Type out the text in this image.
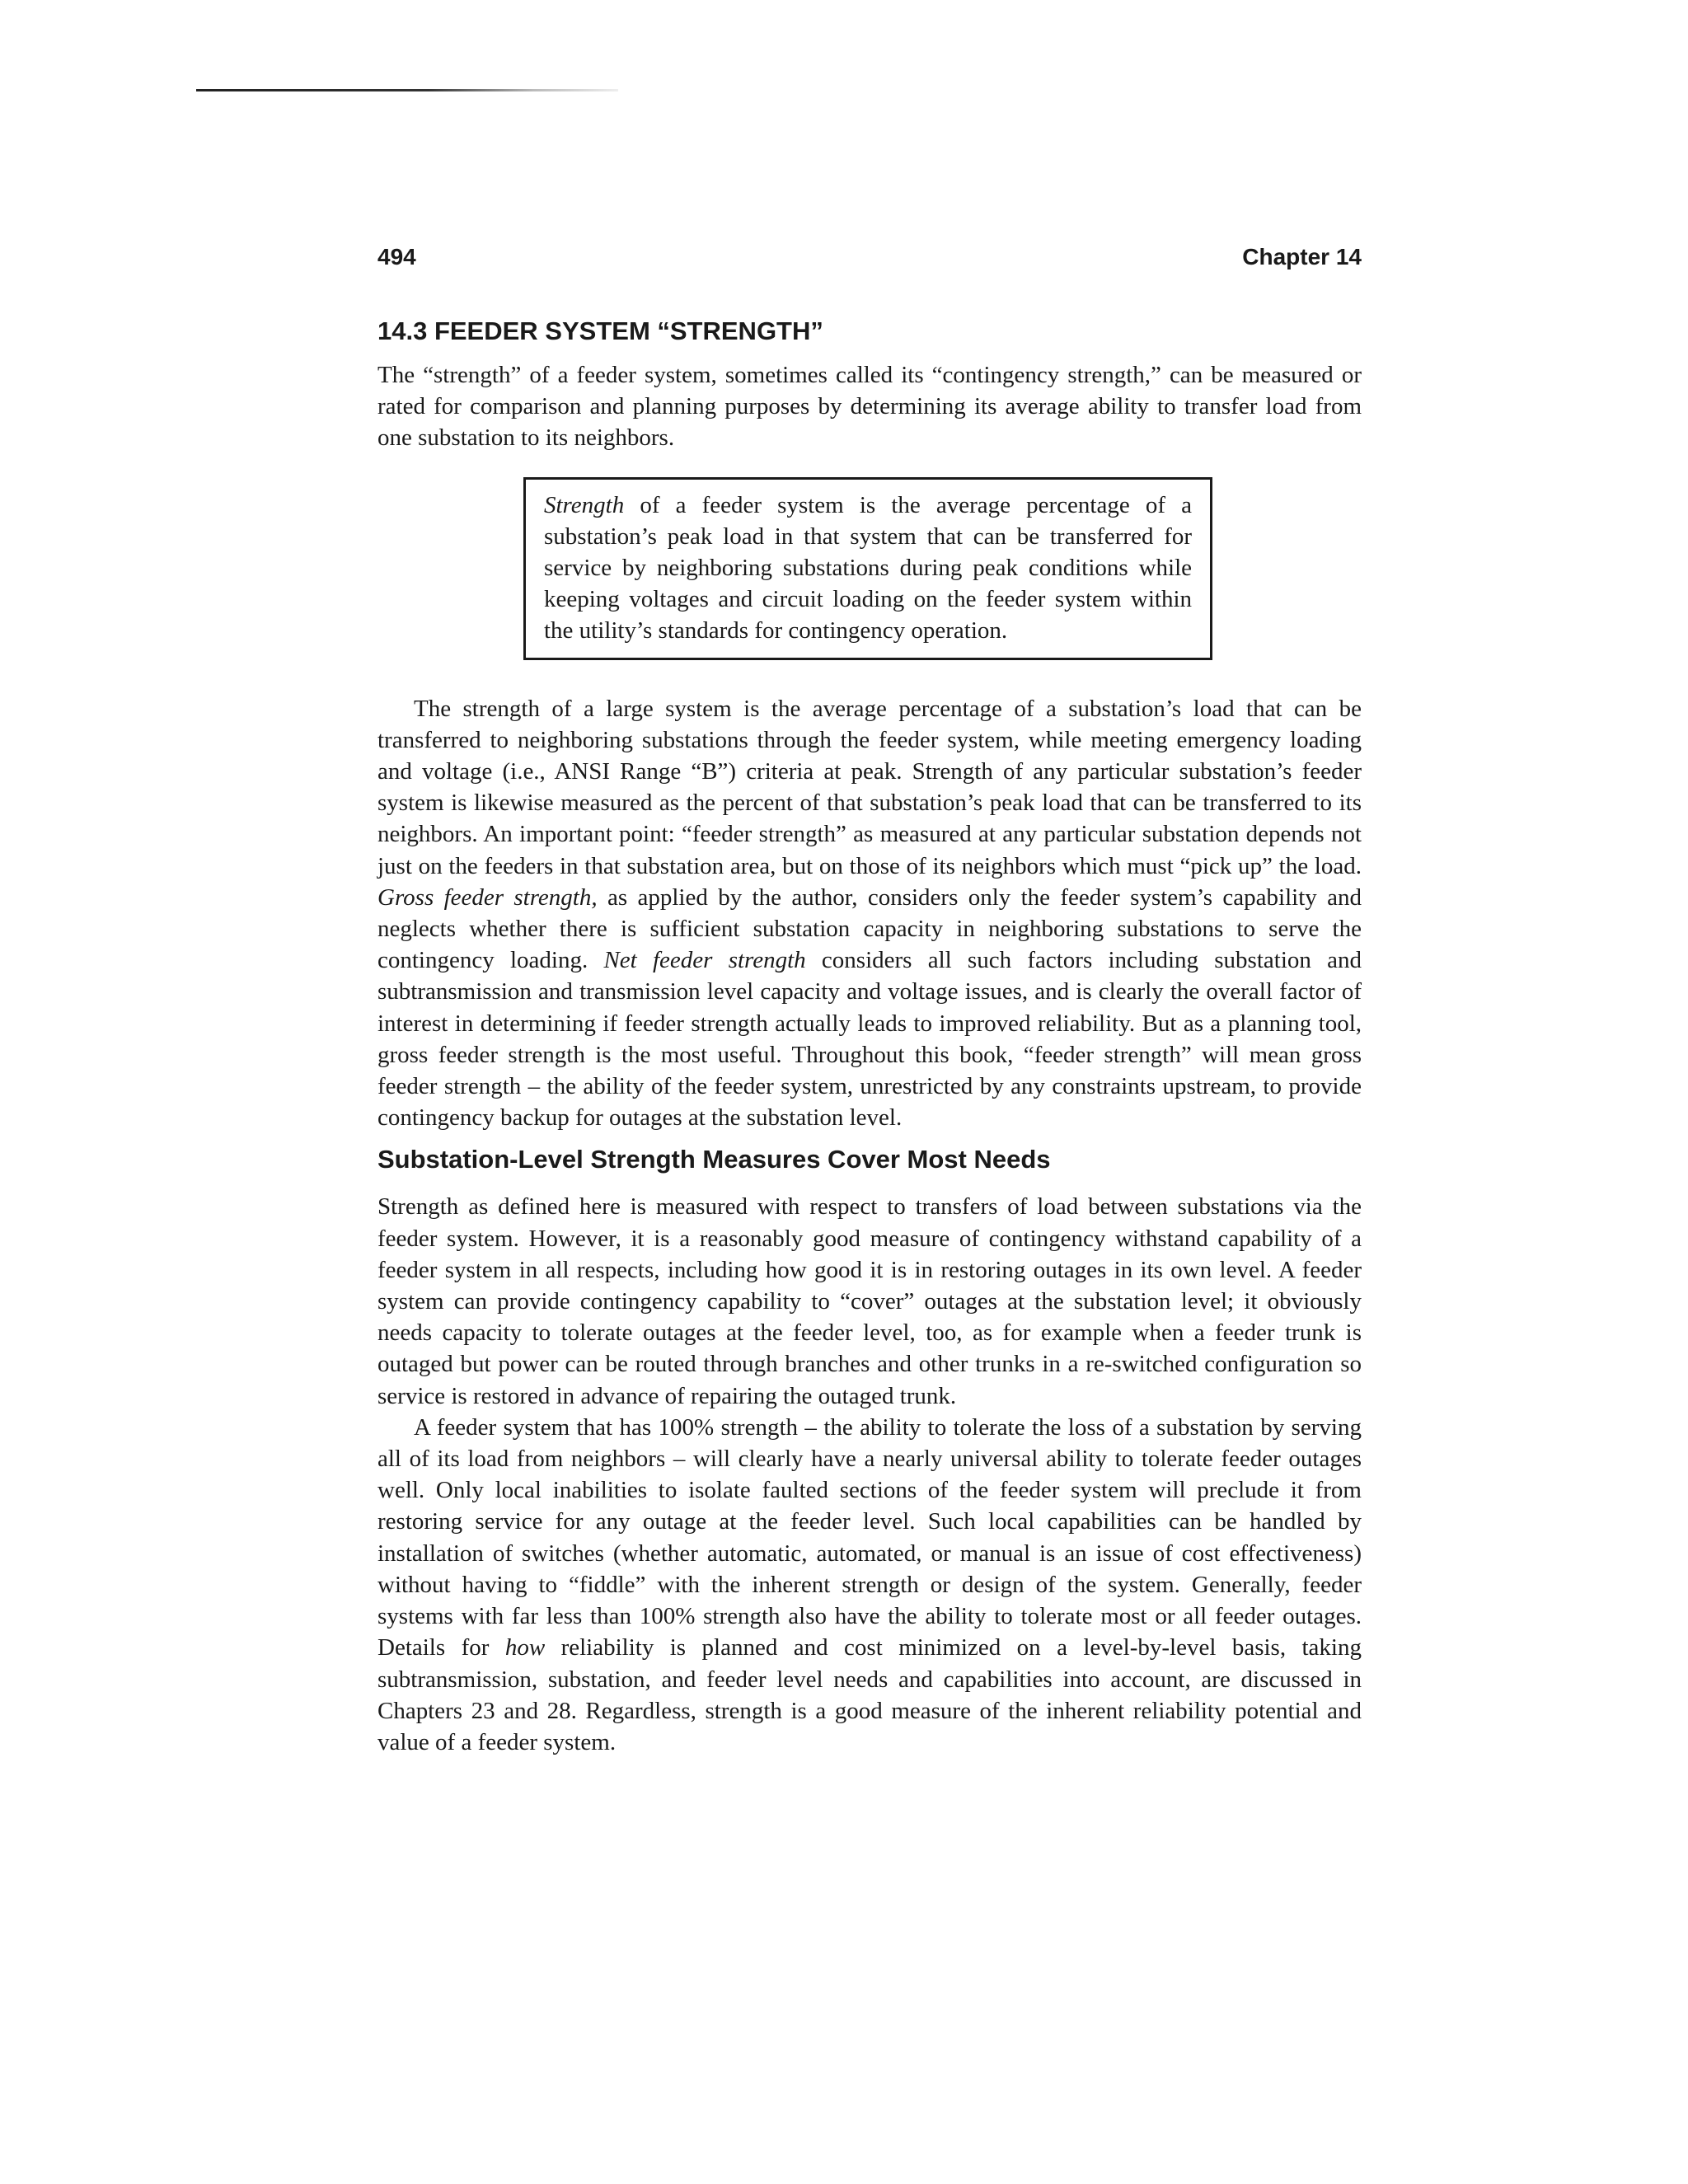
494	Chapter 14
14.3 FEEDER SYSTEM “STRENGTH”

The “strength” of a feeder system, sometimes called its “contingency strength,” can be measured or rated for comparison and planning purposes by determining its average ability to transfer load from one substation to its neighbors.

Strength of a feeder system is the average percentage of a substation’s peak load in that system that can be transferred for service by neighboring substations during peak conditions while keeping voltages and circuit loading on the feeder system within the utility’s standards for contingency operation.

The strength of a large system is the average percentage of a substation’s load that can be transferred to neighboring substations through the feeder system, while meeting emergency loading and voltage (i.e., ANSI Range “B”) criteria at peak. Strength of any particular substation’s feeder system is likewise measured as the percent of that substation’s peak load that can be transferred to its neighbors. An important point: “feeder strength” as measured at any particular substation depends not just on the feeders in that substation area, but on those of its neighbors which must “pick up” the load. Gross feeder strength, as applied by the author, considers only the feeder system’s capability and neglects whether there is sufficient substation capacity in neighboring substations to serve the contingency loading. Net feeder strength considers all such factors including substation and subtransmission and transmission level capacity and voltage issues, and is clearly the overall factor of interest in determining if feeder strength actually leads to improved reliability. But as a planning tool, gross feeder strength is the most useful. Throughout this book, “feeder strength” will mean gross feeder strength – the ability of the feeder system, unrestricted by any constraints upstream, to provide contingency backup for outages at the substation level.

Substation-Level Strength Measures Cover Most Needs

Strength as defined here is measured with respect to transfers of load between substations via the feeder system. However, it is a reasonably good measure of contingency withstand capability of a feeder system in all respects, including how good it is in restoring outages in its own level. A feeder system can provide contingency capability to “cover” outages at the substation level; it obviously needs capacity to tolerate outages at the feeder level, too, as for example when a feeder trunk is outaged but power can be routed through branches and other trunks in a re-switched configuration so service is restored in advance of repairing the outaged trunk.

A feeder system that has 100% strength – the ability to tolerate the loss of a substation by serving all of its load from neighbors – will clearly have a nearly universal ability to tolerate feeder outages well. Only local inabilities to isolate faulted sections of the feeder system will preclude it from restoring service for any outage at the feeder level. Such local capabilities can be handled by installation of switches (whether automatic, automated, or manual is an issue of cost effectiveness) without having to “fiddle” with the inherent strength or design of the system. Generally, feeder systems with far less than 100% strength also have the ability to tolerate most or all feeder outages. Details for how reliability is planned and cost minimized on a level-by-level basis, taking subtransmission, substation, and feeder level needs and capabilities into account, are discussed in Chapters 23 and 28. Regardless, strength is a good measure of the inherent reliability potential and value of a feeder system.
